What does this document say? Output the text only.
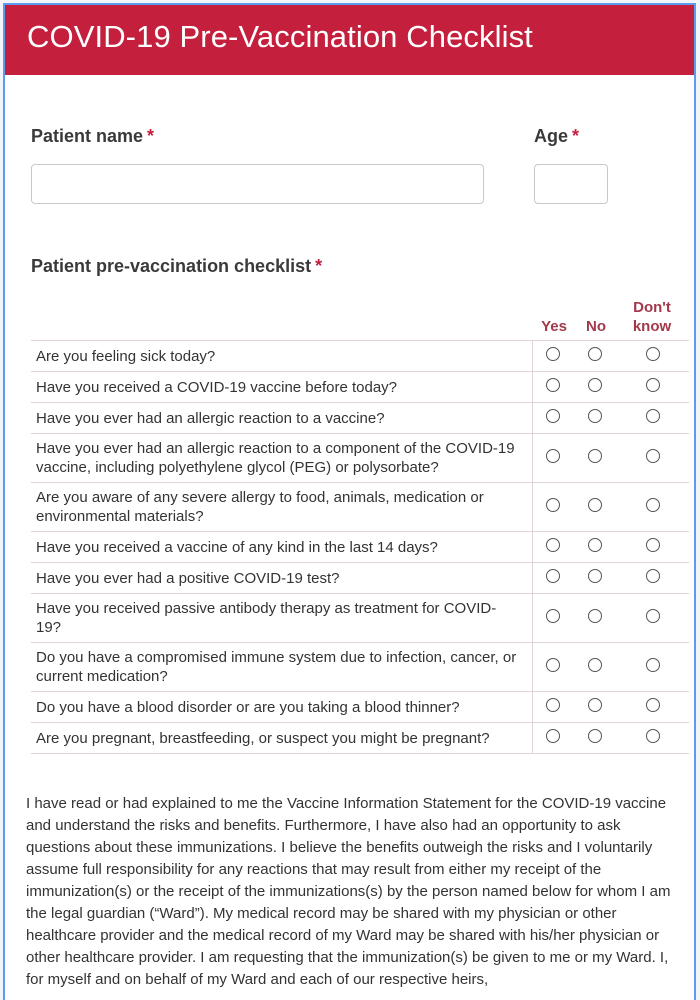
COVID-19 Pre-Vaccination Checklist
Patient name *	Age *
Patient pre-vaccination checklist *
Yes	No
Don't
know
Are you feeling sick today?			
Have you received a COVID-19 vaccine before today?			
Have you ever had an allergic reaction to a vaccine?			
Have you ever had an allergic reaction to a component of the COVID-19 vaccine, including polyethylene glycol (PEG) or polysorbate?			
Are you aware of any severe allergy to food, animals, medication or environmental materials?			
Have you received a vaccine of any kind in the last 14 days?			
Have you ever had a positive COVID-19 test?			
Have you received passive antibody therapy as treatment for COVID-19?			
Do you have a compromised immune system due to infection, cancer, or current medication?			
Do you have a blood disorder or are you taking a blood thinner?			
Are you pregnant, breastfeeding, or suspect you might be pregnant?			
I have read or had explained to me the Vaccine Information Statement for the COVID-19 vaccine and understand the risks and benefits. Furthermore, I have also had an opportunity to ask questions about these immunizations. I believe the benefits outweigh the risks and I voluntarily assume full responsibility for any reactions that may result from either my receipt of the immunization(s) or the receipt of the immunizations(s) by the person named below for whom I am the legal guardian (“Ward”). My medical record may be shared with my physician or other healthcare provider and the medical record of my Ward may be shared with his/her physician or other healthcare provider. I am requesting that the immunization(s) be given to me or my Ward. I, for myself and on behalf of my Ward and each of our respective heirs,
